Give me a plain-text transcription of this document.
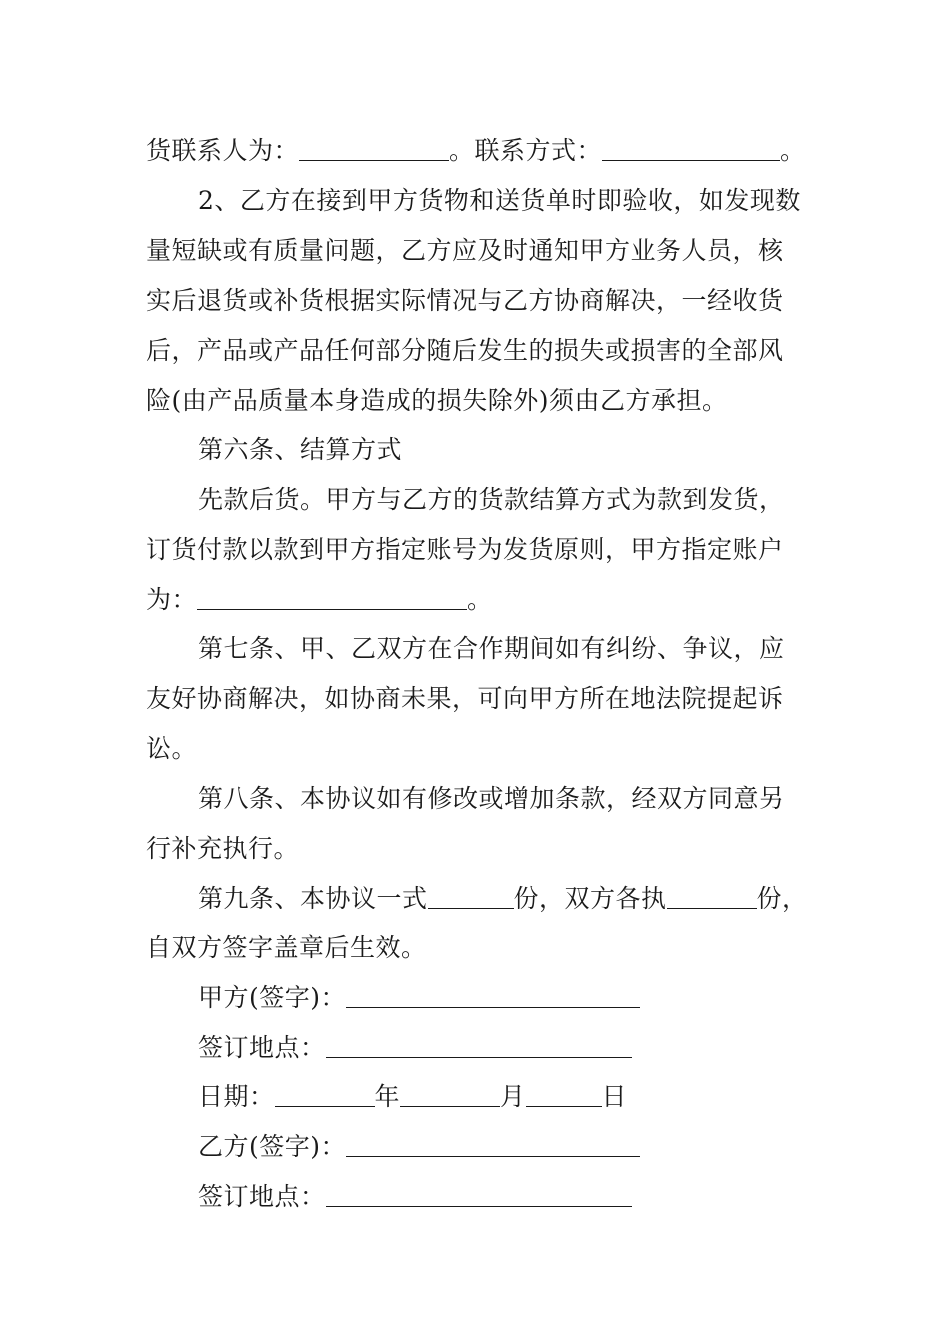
货联系人为：	。联系方式：	。
2、乙方在接到甲方货物和送货单时即验收，如发现数
量短缺或有质量问题，乙方应及时通知甲方业务人员，核
实后退货或补货根据实际情况与乙方协商解决，一经收货
后，产品或产品任何部分随后发生的损失或损害的全部风
险(由产品质量本身造成的损失除外)须由乙方承担。
第六条、结算方式
先款后货。甲方与乙方的货款结算方式为款到发货，
订货付款以款到甲方指定账号为发货原则，甲方指定账户
为：	。
第七条、甲、乙双方在合作期间如有纠纷、争议，应
友好协商解决，如协商未果，可向甲方所在地法院提起诉
讼。
第八条、本协议如有修改或增加条款，经双方同意另
行补充执行。
第九条、本协议一式	份，双方各执	份，
自双方签字盖章后生效。
甲方(签字)：
签订地点：
日期：	年	月	日
乙方(签字)：
签订地点：
